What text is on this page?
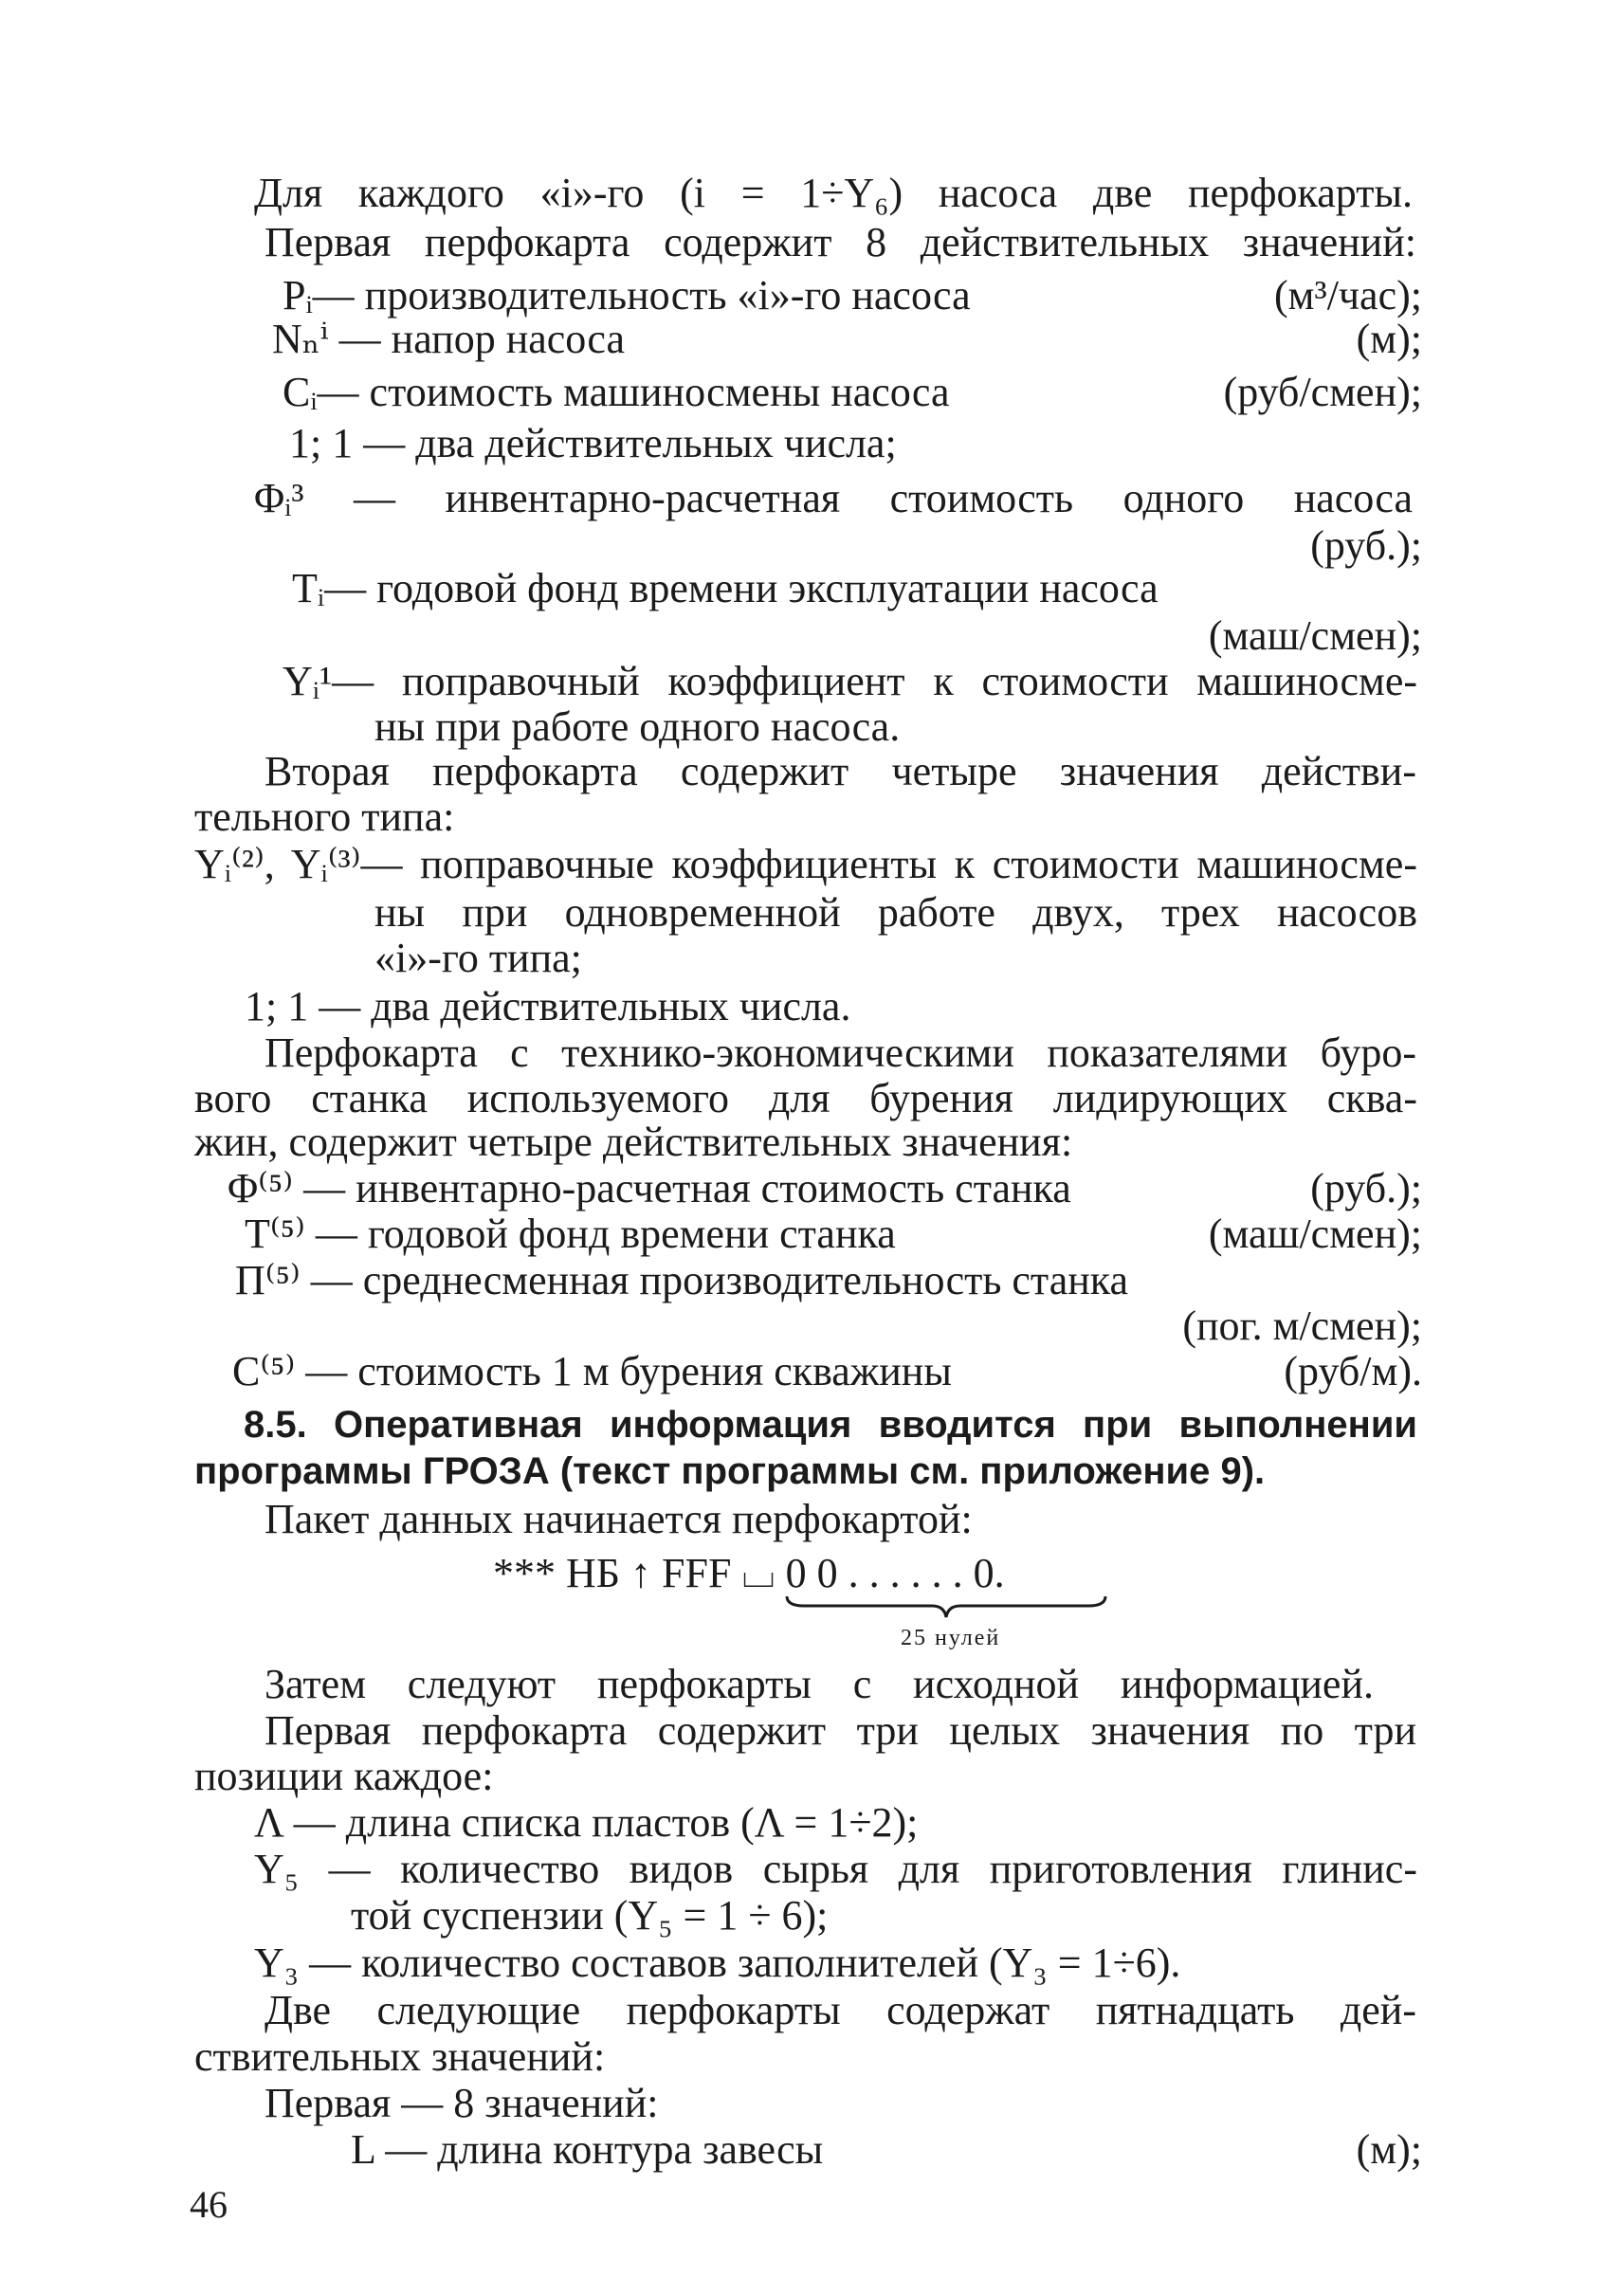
Для каждого «i»-го (i = 1÷Y₆) насоса две перфокарты.
Первая перфокарта содержит 8 действительных значений:
Pᵢ— производительность «i»-го насоса	(м³/час);
Nₙⁱ — напор насоса	(м);
Cᵢ— стоимость машиносмены насоса	(руб/смен);
1; 1 — два действительных числа;
Φᵢ³ — инвентарно-расчетная стоимость одного насоса
(руб.);
Tᵢ— годовой фонд времени эксплуатации насоса
(маш/смен);
Yᵢ¹— поправочный коэффициент к стоимости машиносме-
ны при работе одного насоса.
Вторая перфокарта содержит четыре значения действи-
тельного типа:
Yᵢ⁽²⁾, Yᵢ⁽³⁾— поправочные коэффициенты к стоимости машиносме-
ны при одновременной работе двух, трех насосов
«i»-го типа;
1; 1 — два действительных числа.
Перфокарта с технико-экономическими показателями буро-
вого станка используемого для бурения лидирующих сква-
жин, содержит четыре действительных значения:
Φ⁽⁵⁾ — инвентарно-расчетная стоимость станка	(руб.);
T⁽⁵⁾ — годовой фонд времени станка	(маш/смен);
П⁽⁵⁾ — среднесменная производительность станка
(пог. м/смен);
C⁽⁵⁾ — стоимость 1 м бурения скважины	(руб/м).
8.5. Оперативная информация вводится при выполнении
программы ГРОЗА (текст программы см. приложение 9).
Пакет данных начинается перфокартой:
*** НБ ↑ FFF ⌴ 0 0 . . . . . . 0.
25 нулей
Затем следуют перфокарты с исходной информацией.
Первая перфокарта содержит три целых значения по три
позиции каждое:
Λ — длина списка пластов (Λ = 1÷2);
Y₅ — количество видов сырья для приготовления глинис-
той суспензии (Y₅ = 1 ÷ 6);
Y₃ — количество составов заполнителей (Y₃ = 1÷6).
Две следующие перфокарты содержат пятнадцать дей-
ствительных значений:
Первая — 8 значений:
L — длина контура завесы	(м);
46
